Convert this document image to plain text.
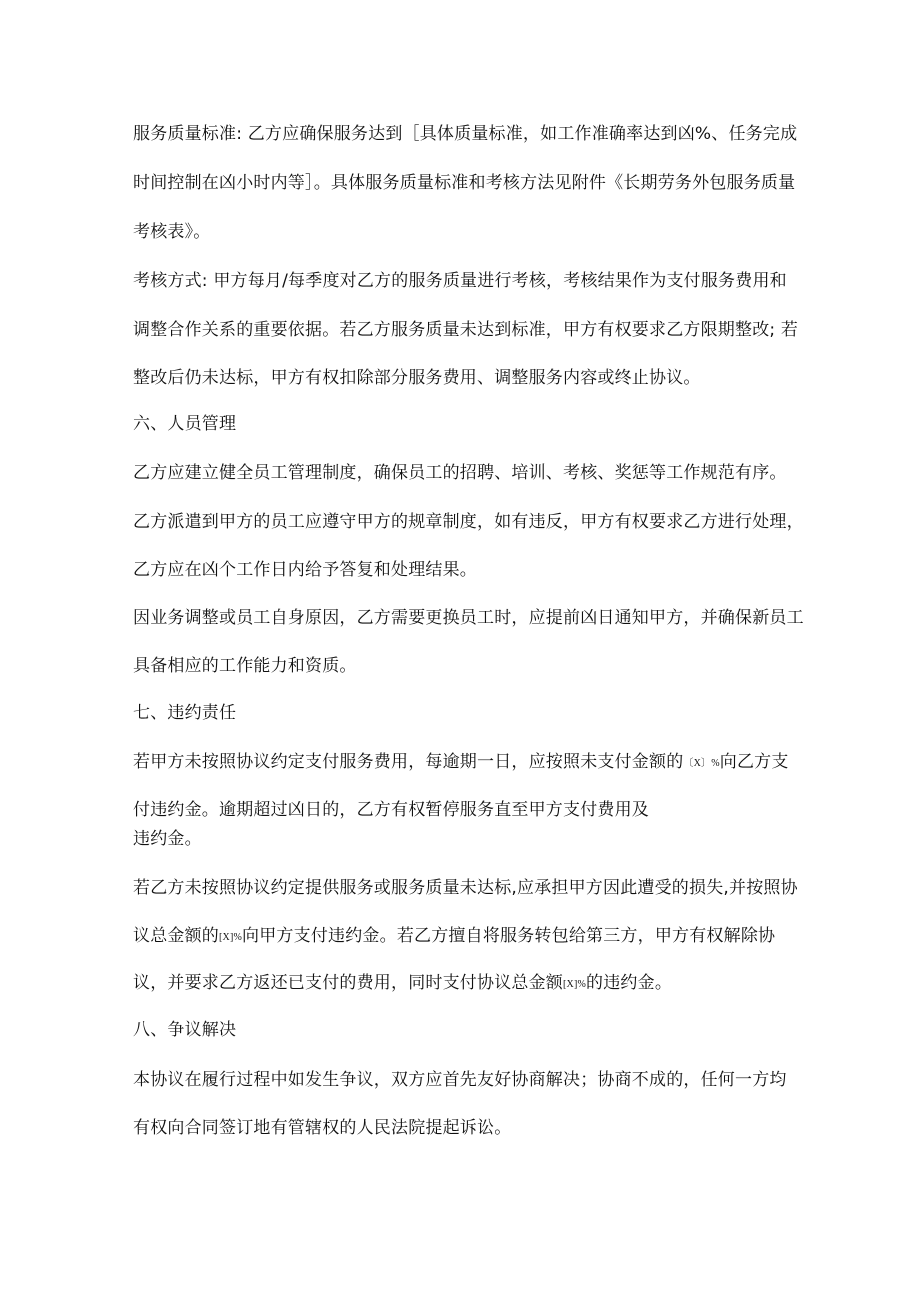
服务质量标准: 乙方应确保服务达到［具体质量标准，如工作准确率达到凶%、任务完成
时间控制在凶小时内等］。具体服务质量标准和考核方法见附件《长期劳务外包服务质量
考核表》。
考核方式: 甲方每月/每季度对乙方的服务质量进行考核，考核结果作为支付服务费用和
调整合作关系的重要依据。若乙方服务质量未达到标准，甲方有权要求乙方限期整改; 若
整改后仍未达标，甲方有权扣除部分服务费用、调整服务内容或终止协议。
六、人员管理
乙方应建立健全员工管理制度，确保员工的招聘、培训、考核、奖惩等工作规范有序。
乙方派遣到甲方的员工应遵守甲方的规章制度，如有违反，甲方有权要求乙方进行处理，
乙方应在凶个工作日内给予答复和处理结果。
因业务调整或员工自身原因，乙方需要更换员工时，应提前凶日通知甲方，并确保新员工
具备相应的工作能力和资质。
七、违约责任
若甲方未按照协议约定支付服务费用，每逾期一日，应按照未支付金额的〔X〕%向乙方支
付违约金。逾期超过凶日的，乙方有权暂停服务直至甲方支付费用及
违约金。
若乙方未按照协议约定提供服务或服务质量未达标,应承担甲方因此遭受的损失,并按照协
议总金额的[X]%向甲方支付违约金。若乙方擅自将服务转包给第三方，甲方有权解除协
议，并要求乙方返还已支付的费用，同时支付协议总金额[X]%的违约金。
八、争议解决
本协议在履行过程中如发生争议，双方应首先友好协商解决；协商不成的，任何一方均
有权向合同签订地有管辖权的人民法院提起诉讼。
